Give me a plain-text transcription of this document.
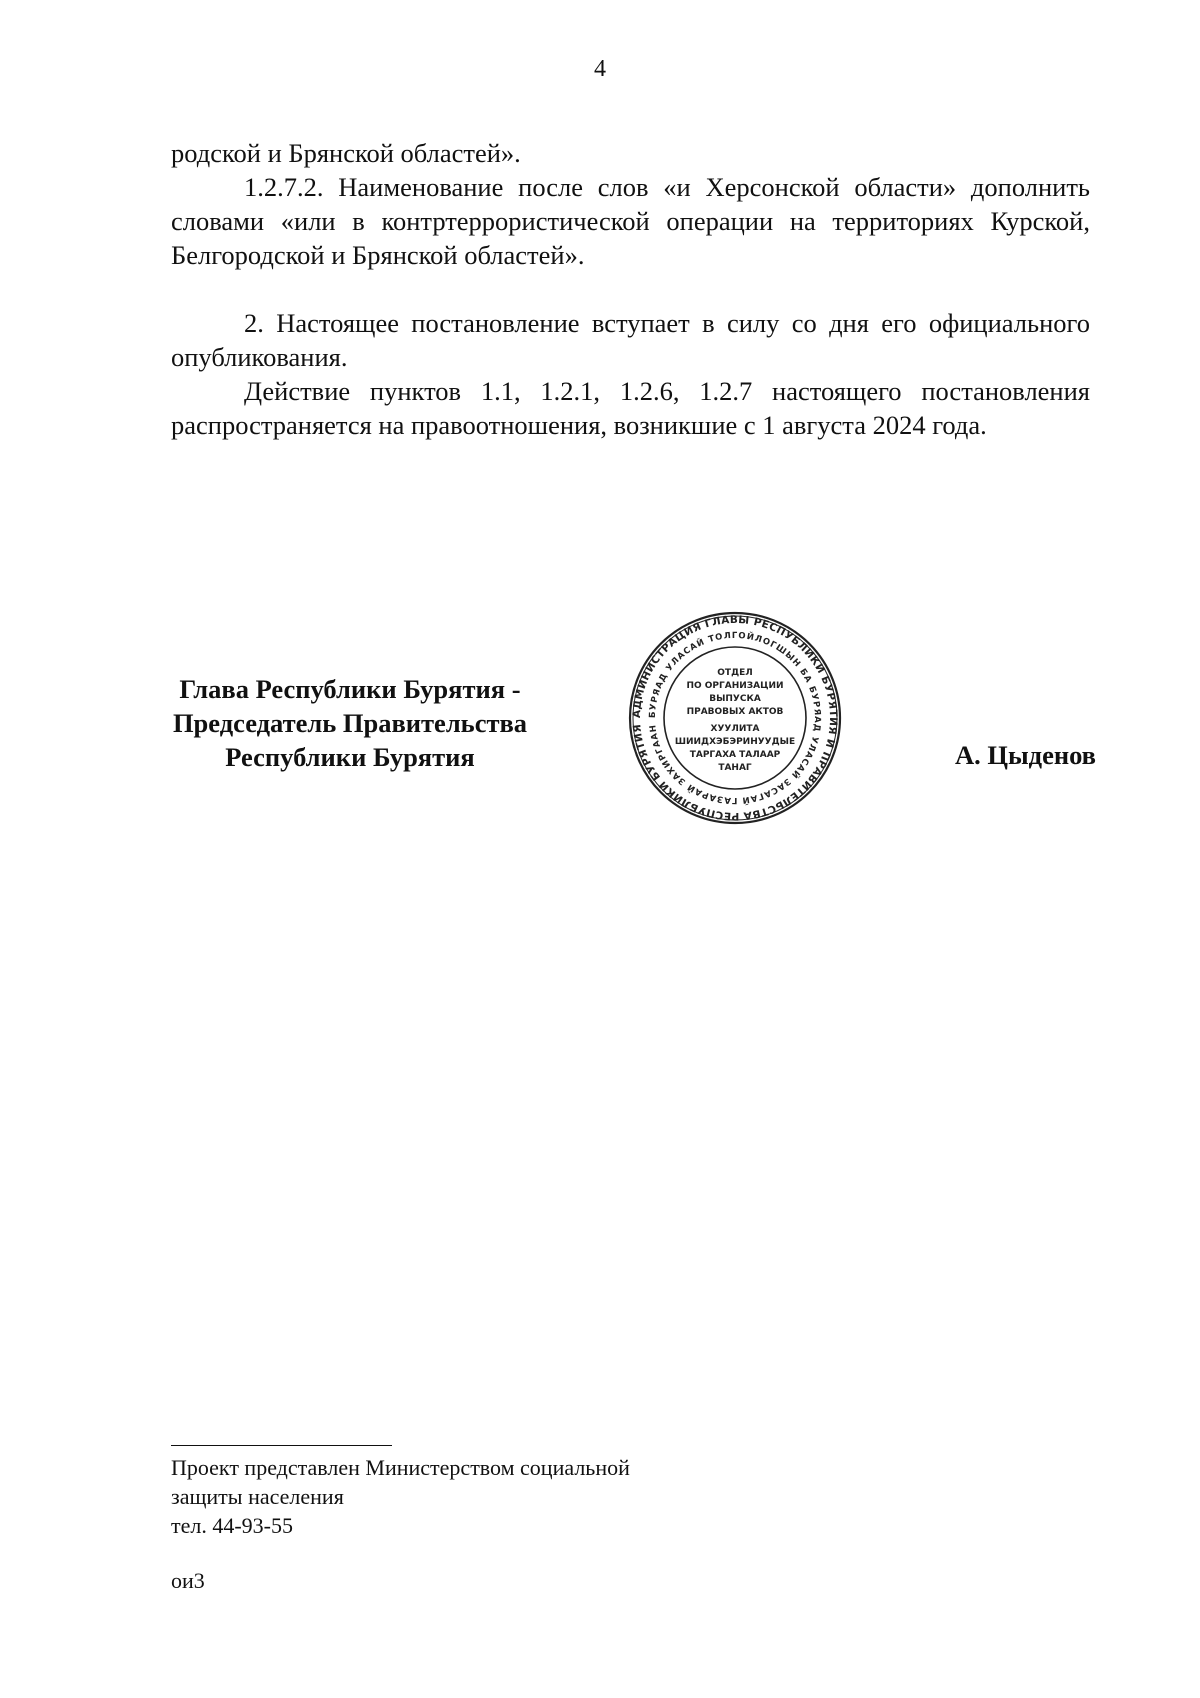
4

родской и Брянской областей».

1.2.7.2. Наименование после слов «и Херсонской области» дополнить словами «или в контртеррористической операции на территориях Курской, Белгородской и Брянской областей».

2. Настоящее постановление вступает в силу со дня его официального опубликования.

Действие пунктов 1.1, 1.2.1, 1.2.6, 1.2.7 настоящего постановления распространяется на правоотношения, возникшие с 1 августа 2024 года.

Глава Республики Бурятия -
Председатель Правительства
Республики Бурятия
АДМИНИСТРАЦИЯ ГЛАВЫ РЕСПУБЛИКИ БУРЯТИЯ И ПРАВИТЕЛЬСТВА РЕСПУБЛИКИ БУРЯТИЯ
БУРЯАД УЛАСАЙ ТОЛГОЙЛОГШЫН БА БУРЯАД УЛАСАЙ ЗАСАГАЙ ГАЗАРАЙ ЗАХИРГААН
ОТДЕЛ
ПО ОРГАНИЗАЦИИ
ВЫПУСКА
ПРАВОВЫХ АКТОВ
ХУУЛИТА
ШИИДХЭБЭРИНУУДЫЕ
ТАРГАХА ТАЛААР
ТАНАГ	А. Цыденов
Проект представлен Министерством социальной
защиты населения
тел. 44-93-55
ои3
